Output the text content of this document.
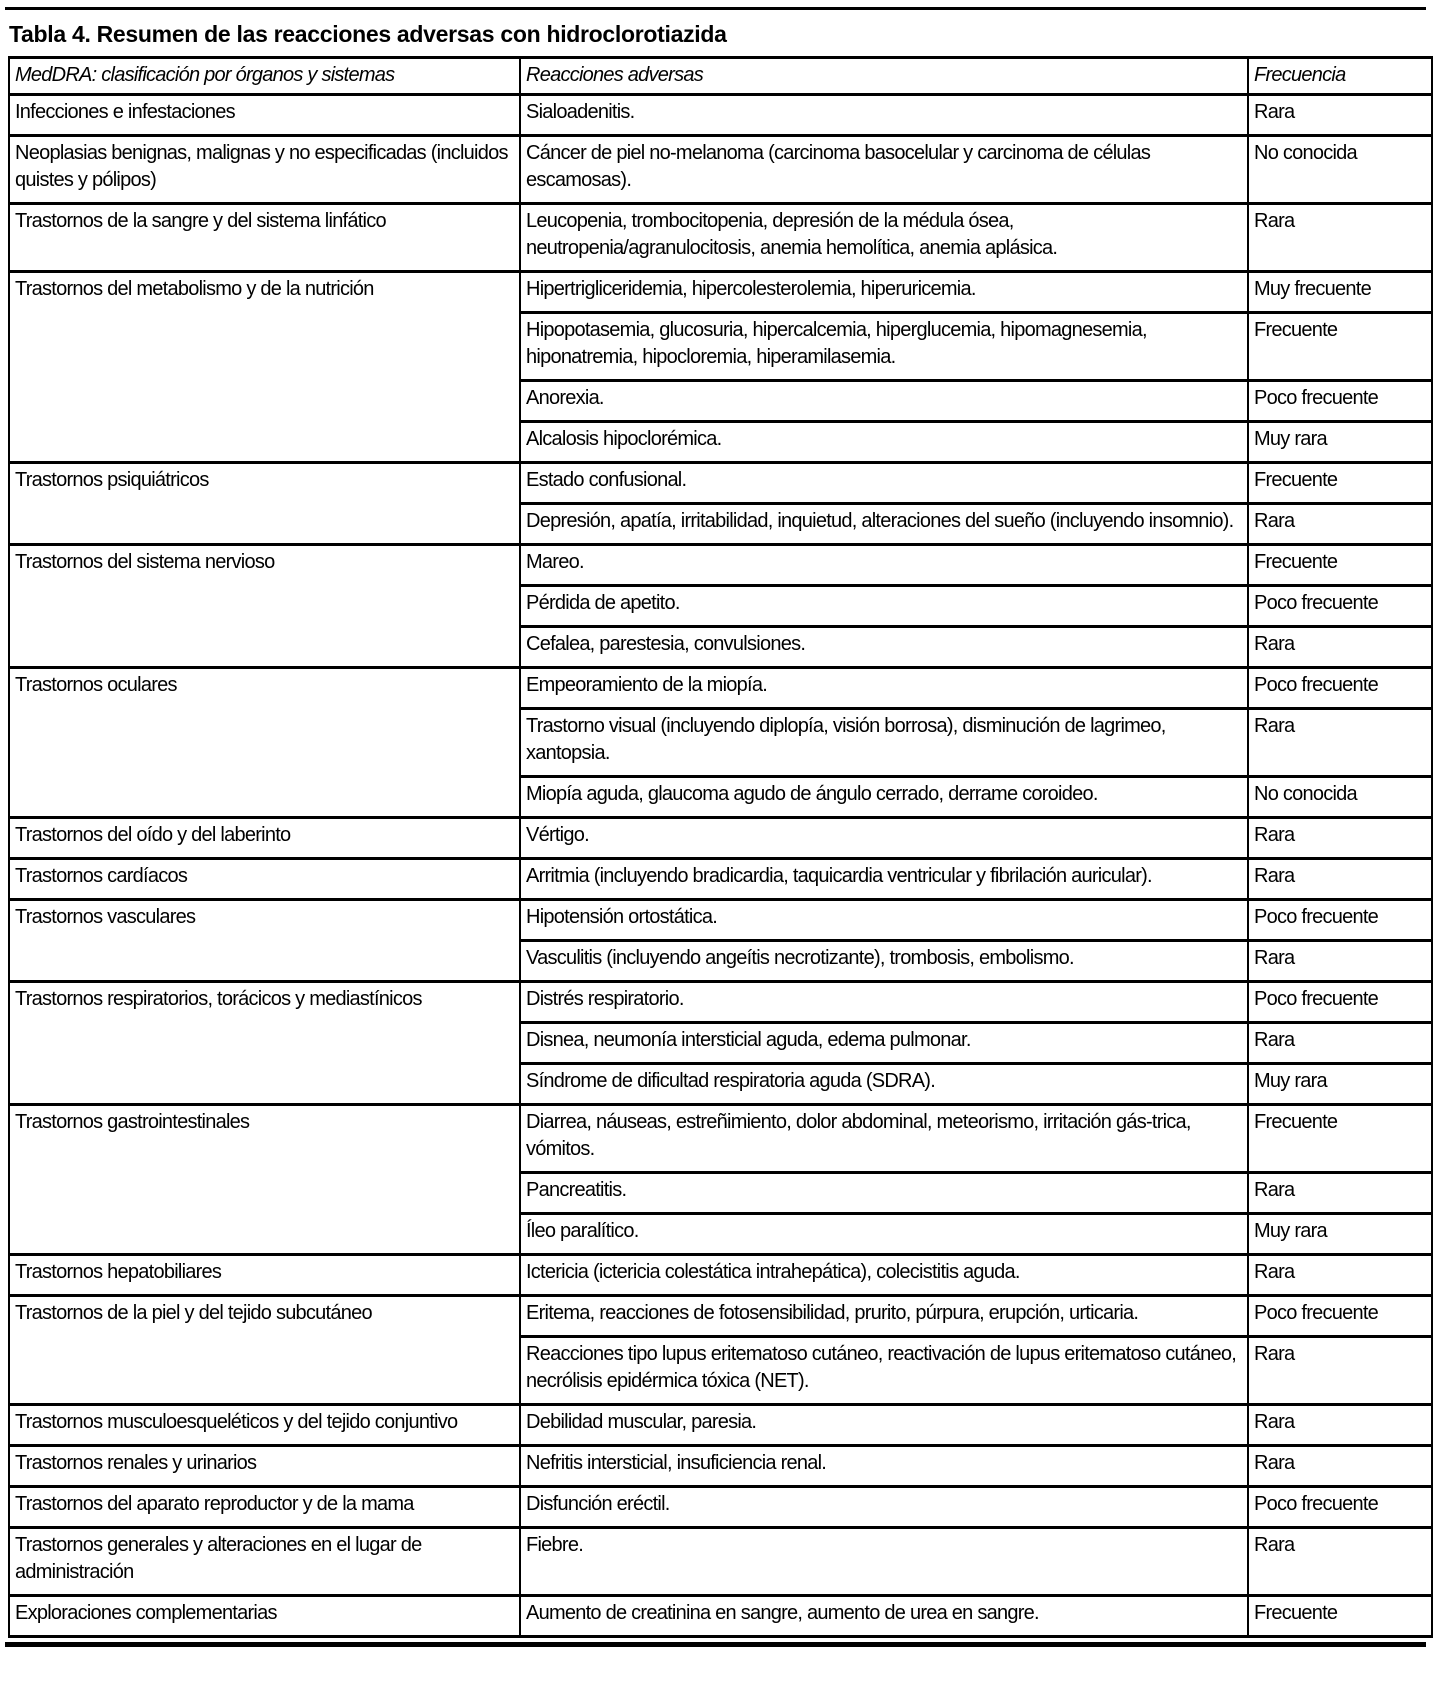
Tabla 4. Resumen de las reacciones adversas con hidroclorotiazida
MedDRA: clasificación por órganos y sistemas	Reacciones adversas	Frecuencia
Infecciones e infestaciones	Sialoadenitis.	Rara
Neoplasias benignas, malignas y no especificadas (incluidos quistes y pólipos)	Cáncer de piel no-melanoma (carcinoma basocelular y carcinoma de células escamosas).	No conocida
Trastornos de la sangre y del sistema linfático	Leucopenia, trombocitopenia, depresión de la médula ósea, neutropenia/agranulocitosis, anemia hemolítica, anemia aplásica.	Rara
Trastornos del metabolismo y de la nutrición	Hipertrigliceridemia, hipercolesterolemia, hiperuricemia.	Muy frecuente
	Hipopotasemia, glucosuria, hipercalcemia, hiperglucemia, hipomagnesemia, hiponatremia, hipocloremia, hiperamilasemia.	Frecuente
	Anorexia.	Poco frecuente
	Alcalosis hipoclorémica.	Muy rara
Trastornos psiquiátricos	Estado confusional.	Frecuente
	Depresión, apatía, irritabilidad, inquietud, alteraciones del sueño (incluyendo insomnio).	Rara
Trastornos del sistema nervioso	Mareo.	Frecuente
	Pérdida de apetito.	Poco frecuente
	Cefalea, parestesia, convulsiones.	Rara
Trastornos oculares	Empeoramiento de la miopía.	Poco frecuente
	Trastorno visual (incluyendo diplopía, visión borrosa), disminución de lagrimeo, xantopsia.	Rara
	Miopía aguda, glaucoma agudo de ángulo cerrado, derrame coroideo.	No conocida
Trastornos del oído y del laberinto	Vértigo.	Rara
Trastornos cardíacos	Arritmia (incluyendo bradicardia, taquicardia ventricular y fibrilación auricular).	Rara
Trastornos vasculares	Hipotensión ortostática.	Poco frecuente
	Vasculitis (incluyendo angeítis necrotizante), trombosis, embolismo.	Rara
Trastornos respiratorios, torácicos y mediastínicos	Distrés respiratorio.	Poco frecuente
	Disnea, neumonía intersticial aguda, edema pulmonar.	Rara
	Síndrome de dificultad respiratoria aguda (SDRA).	Muy rara
Trastornos gastrointestinales	Diarrea, náuseas, estreñimiento, dolor abdominal, meteorismo, irritación gás-trica, vómitos.	Frecuente
	Pancreatitis.	Rara
	Íleo paralítico.	Muy rara
Trastornos hepatobiliares	Ictericia (ictericia colestática intrahepática), colecistitis aguda.	Rara
Trastornos de la piel y del tejido subcutáneo	Eritema, reacciones de fotosensibilidad, prurito, púrpura, erupción, urticaria.	Poco frecuente
	Reacciones tipo lupus eritematoso cutáneo, reactivación de lupus eritematoso cutáneo, necrólisis epidérmica tóxica (NET).	Rara
Trastornos musculoesqueléticos y del tejido conjuntivo	Debilidad muscular, paresia.	Rara
Trastornos renales y urinarios	Nefritis intersticial, insuficiencia renal.	Rara
Trastornos del aparato reproductor y de la mama	Disfunción eréctil.	Poco frecuente
Trastornos generales y alteraciones en el lugar de administración	Fiebre.	Rara
Exploraciones complementarias	Aumento de creatinina en sangre, aumento de urea en sangre.	Frecuente
